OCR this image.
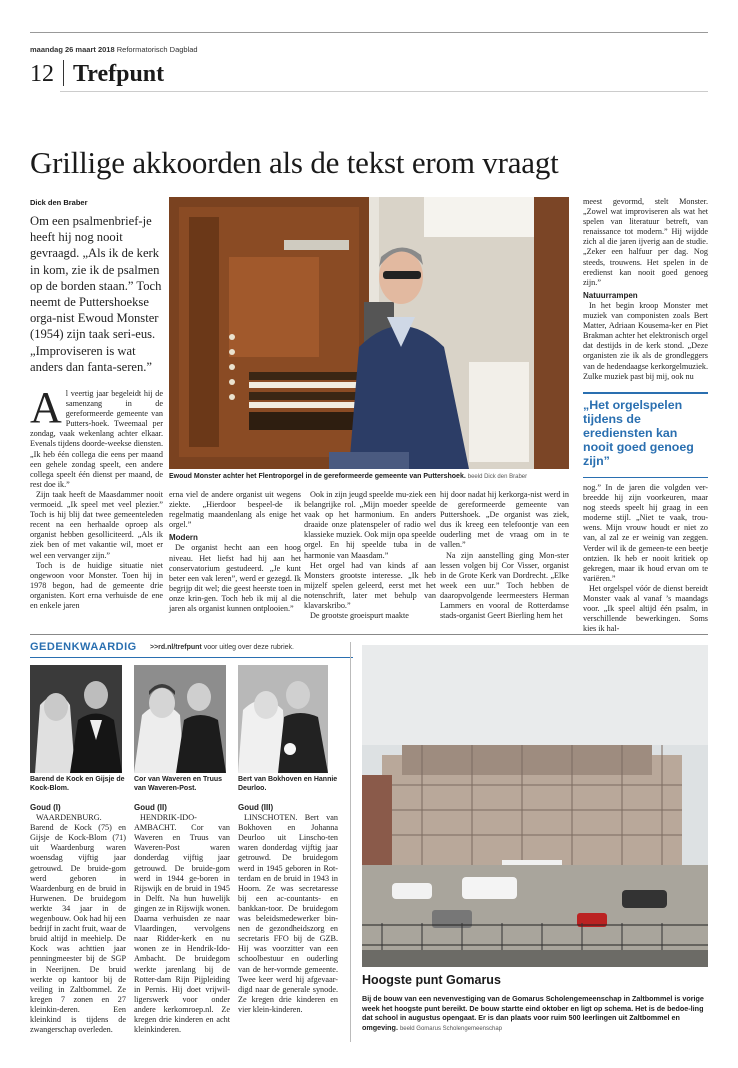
maandag 26 maart 2018 Reformatorisch Dagblad
12 Trefpunt
Grillige akkoorden als de tekst erom vraagt
Dick den Braber
Om een psalmenbrief-je heeft hij nog nooit gevraagd. „Als ik de kerk in kom, zie ik de psalmen op de borden staan.” Toch neemt de Puttershoekse orga-nist Ewoud Monster (1954) zijn taak seri-eus. „Improviseren is wat anders dan fanta-seren.”
A l veertig jaar begeleidt hij de samenzang in de gereformeerde gemeente van Putters-hoek. Tweemaal per zondag, vaak wekenlang achter elkaar. Evenals tijdens doorde-weekse diensten. „Ik heb één collega die eens per maand een gehele zondag speelt, een andere collega speelt één dienst per maand, de rest doe ik.”

Zijn taak heeft de Maasdammer nooit vermoeid. „Ik speel met veel plezier.” Toch is hij blij dat twee gemeenteleden recent na een herhaalde oproep als organist hebben gesolliciteerd. „Als ik ziek ben of met vakantie wil, moet er wel een vervanger zijn.”

Toch is de huidige situatie niet ongewoon voor Monster. Toen hij in 1978 begon, had de gemeente drie organisten. Kort erna verhuisde de ene en enkele jaren

Ewoud Monster achter het Flentropοrgel in de gereformeerde gemeente van Puttershoek. beeld Dick den Braber
erna viel de andere organist uit wegens ziekte. „Hierdoor bespeel-de ik regelmatig maandenlang als enige het orgel.”
Modern

De organist hecht aan een hoog niveau. Het liefst had hij aan het conservatorium gestudeerd. „Je kunt beter een vak leren”, werd er gezegd. Ik begrijp dit wel; die geest heerste toen in onze krin-gen. Toch heb ik mij al die jaren als organist kunnen ontplooien.”

Ook in zijn jeugd speelde mu-ziek een belangrijke rol. „Mijn moeder speelde vaak op het harmonium. En anders draaide onze platenspeler of radio wel klassieke muziek. Ook mijn opa speelde orgel. En hij speelde tuba in de harmonie van Maasdam.”

Het orgel had van kinds af aan Monsters grootste interesse. „Ik heb mijzelf spelen geleerd, eerst met het notenschrift, later met behulp van klavarskribo.”

De grootste groeispurt maakte

hij door nadat hij kerkorga-nist werd in de gereformeerde gemeente van Puttershoek. „De organist was ziek, dus ik kreeg een telefoontje van een ouderling met de vraag om in te vallen.”

Na zijn aanstelling ging Mon-ster lessen volgen bij Cor Visser, organist in de Grote Kerk van Dordrecht. „Elke week een uur.” Toch hebben de daaropvolgende leermeesters Herman Lammers en vooral de Rotterdamse stads-organist Geert Bierling hem het

meest gevormd, stelt Monster. „Zowel wat improviseren als wat het spelen van literatuur betreft, van renaissance tot modern.” Hij wijdde zich al die jaren ijverig aan de studie. „Zeker een halfuur per dag. Nog steeds, trouwens. Het spelen in de eredienst kan nooit goed genoeg zijn.”
Natuurrampen

In het begin kroop Monster met muziek van componisten zoals Bert Matter, Adriaan Kousema-ker en Piet Brakman achter het elektronisch orgel dat destijds in de kerk stond. „Deze organisten zie ik als de grondleggers van de hedendaagse kerkorgelmuziek. Zulke muziek past bij mij, ook nu

„Het orgelspelen tijdens de erediensten kan nooit goed genoeg zijn”
nog.” In de jaren die volgden ver-breedde hij zijn voorkeuren, maar nog steeds speelt hij graag in een moderne stijl. „Niet te vaak, trou-wens. Mijn vrouw houdt er niet zo van, al zal ze er weinig van zeggen. Verder wil ik de gemeen-te een beetje ontzien. Ik heb er nooit kritiek op gekregen, maar ik houd ervan om te variëren.”

Het orgelspel vóór de dienst bereidt Monster vaak al vanaf ’s maandags voor. „Ik speel altijd één psalm, in verschillende bewerkingen. Soms kies ik hal-

GEDENKWAARDIG >>rd.nl/trefpunt voor uitleg over deze rubriek.
Barend de Kock en Gijsje de Kock-Blom.
Cor van Waveren en Truus van Waveren-Post.
Bert van Bokhoven en Hannie Deurloo.
Goud (I)

WAARDENBURG. Barend de Kock (75) en Gijsje de Kock-Blom (71) uit Waardenburg waren woensdag vijftig jaar getrouwd. De bruide-gom werd geboren in Waardenburg en de bruid in Hurwenen. De bruidegom werkte 34 jaar in de wegenbouw. Ook had hij een bedrijf in zacht fruit, waar de bruid altijd in meehielp. De Kock was achttien jaar penningmeester bij de SGP in Neerijnen. De bruid werkte op kantoor bij de veiling in Zaltbommel. Ze kregen 7 zonen en 27 kleinkin-deren. Een kleinkind is tijdens de zwangerschap overleden.

Goud (II)

HENDRIK-IDO-AMBACHT. Cor van Waveren en Truus van Waveren-Post waren donderdag vijftig jaar getrouwd. De bruide-gom werd in 1944 ge-boren in Rijswijk en de bruid in 1945 in Delft. Na hun huwelijk gingen ze in Rijswijk wonen. Daarna verhuisden ze naar Vlaardingen, vervolgens naar Ridder-kerk en nu wonen ze in Hendrik-Ido-Ambacht. De bruidegom werkte jarenlang bij de Rotter-dam Rijn Pijpleiding in Pernis. Hij doet vrijwil-ligerswerk voor onder andere kerkomroep.nl. Ze kregen drie kinderen en acht kleinkinderen.

Goud (III)

LINSCHOTEN. Bert van Bokhoven en Johanna Deurloo uit Linscho-ten waren donderdag vijftig jaar getrouwd. De bruidegom werd in 1945 geboren in Rot-terdam en de bruid in 1943 in Hoorn. Ze was secretaresse bij een ac-countants- en bankkan-toor. De bruidegom was beleidsmedewerker bin-nen de gezondheidszorg en secretaris FFO bij de GZB. Hij was voorzitter van een schoolbestuur en ouderling van de her-vormde gemeente. Twee keer werd hij afgevaar-digd naar de generale synode. Ze kregen drie kinderen en vier klein-kinderen.

Hoogste punt Gomarus
Bij de bouw van een nevenvestiging van de Gomarus Scholengemeenschap in Zaltbommel is vorige week het hoogste punt bereikt. De bouw startte eind oktober en ligt op schema. Het is de bedoe-ling dat school in augustus opengaat. Er is dan plaats voor ruim 500 leerlingen uit Zaltbommel en omgeving. beeld Gomarus Scholengemeenschap
